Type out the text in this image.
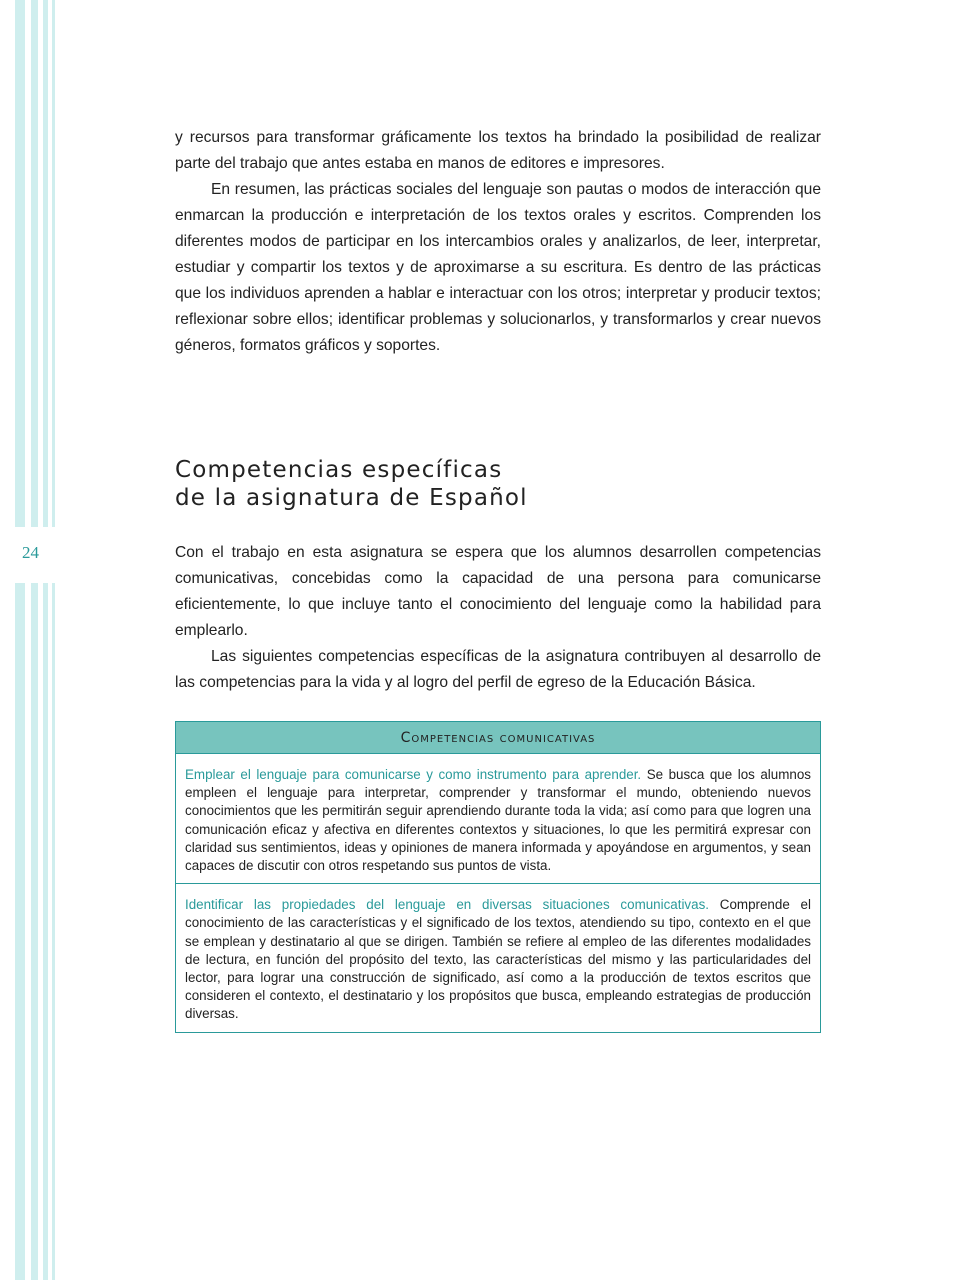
24

y recursos para transformar gráficamente los textos ha brindado la posibilidad de realizar parte del trabajo que antes estaba en manos de editores e impresores.

En resumen, las prácticas sociales del lenguaje son pautas o modos de interacción que enmarcan la producción e interpretación de los textos orales y escritos. Comprenden los diferentes modos de participar en los intercambios orales y analizarlos, de leer, interpretar, estudiar y compartir los textos y de aproximarse a su escritura. Es dentro de las prácticas que los individuos aprenden a hablar e interactuar con los otros; interpretar y producir textos; reflexionar sobre ellos; identificar problemas y solucionarlos, y transformarlos y crear nuevos géneros, formatos gráficos y soportes.

Competencias específicas
de la asignatura de Español

Con el trabajo en esta asignatura se espera que los alumnos desarrollen competencias comunicativas, concebidas como la capacidad de una persona para comunicarse eficientemente, lo que incluye tanto el conocimiento del lenguaje como la habilidad para emplearlo.

Las siguientes competencias específicas de la asignatura contribuyen al desarrollo de las competencias para la vida y al logro del perfil de egreso de la Educación Básica.

Competencias comunicativas
Emplear el lenguaje para comunicarse y como instrumento para aprender. Se busca que los alumnos empleen el lenguaje para interpretar, comprender y transformar el mundo, obteniendo nuevos conocimientos que les permitirán seguir aprendiendo durante toda la vida; así como para que logren una comunicación eficaz y afectiva en diferentes contextos y situaciones, lo que les permitirá expresar con claridad sus sentimientos, ideas y opiniones de manera informada y apoyándose en argumentos, y sean capaces de discutir con otros respetando sus puntos de vista.
Identificar las propiedades del lenguaje en diversas situaciones comunicativas. Comprende el conocimiento de las características y el significado de los textos, atendiendo su tipo, contexto en el que se emplean y destinatario al que se dirigen. También se refiere al empleo de las diferentes modalidades de lectura, en función del propósito del texto, las características del mismo y las particularidades del lector, para lograr una construcción de significado, así como a la producción de textos escritos que consideren el contexto, el destinatario y los propósitos que busca, empleando estrategias de producción diversas.
